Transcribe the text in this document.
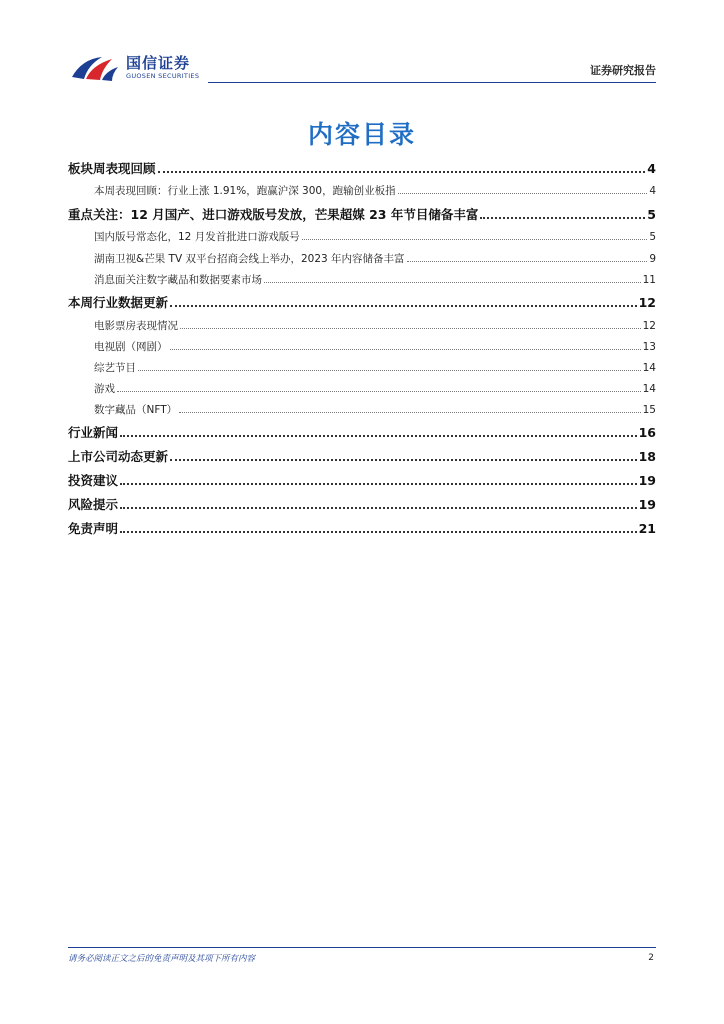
国信证券
GUOSEN SECURITIES	证券研究报告
内容目录
板块周表现回顾	4
本周表现回顾：行业上涨 1.91%，跑赢沪深 300，跑输创业板指	4
重点关注：12 月国产、进口游戏版号发放，芒果超媒 23 年节目储备丰富	5
国内版号常态化，12 月发首批进口游戏版号	5
湖南卫视&芒果 TV 双平台招商会线上举办，2023 年内容储备丰富	9
消息面关注数字藏品和数据要素市场	11
本周行业数据更新	12
电影票房表现情况	12
电视剧（网剧）	13
综艺节目	14
游戏	14
数字藏品（NFT）	15
行业新闻	16
上市公司动态更新	18
投资建议	19
风险提示	19
免责声明	21
请务必阅读正文之后的免责声明及其项下所有内容	2
